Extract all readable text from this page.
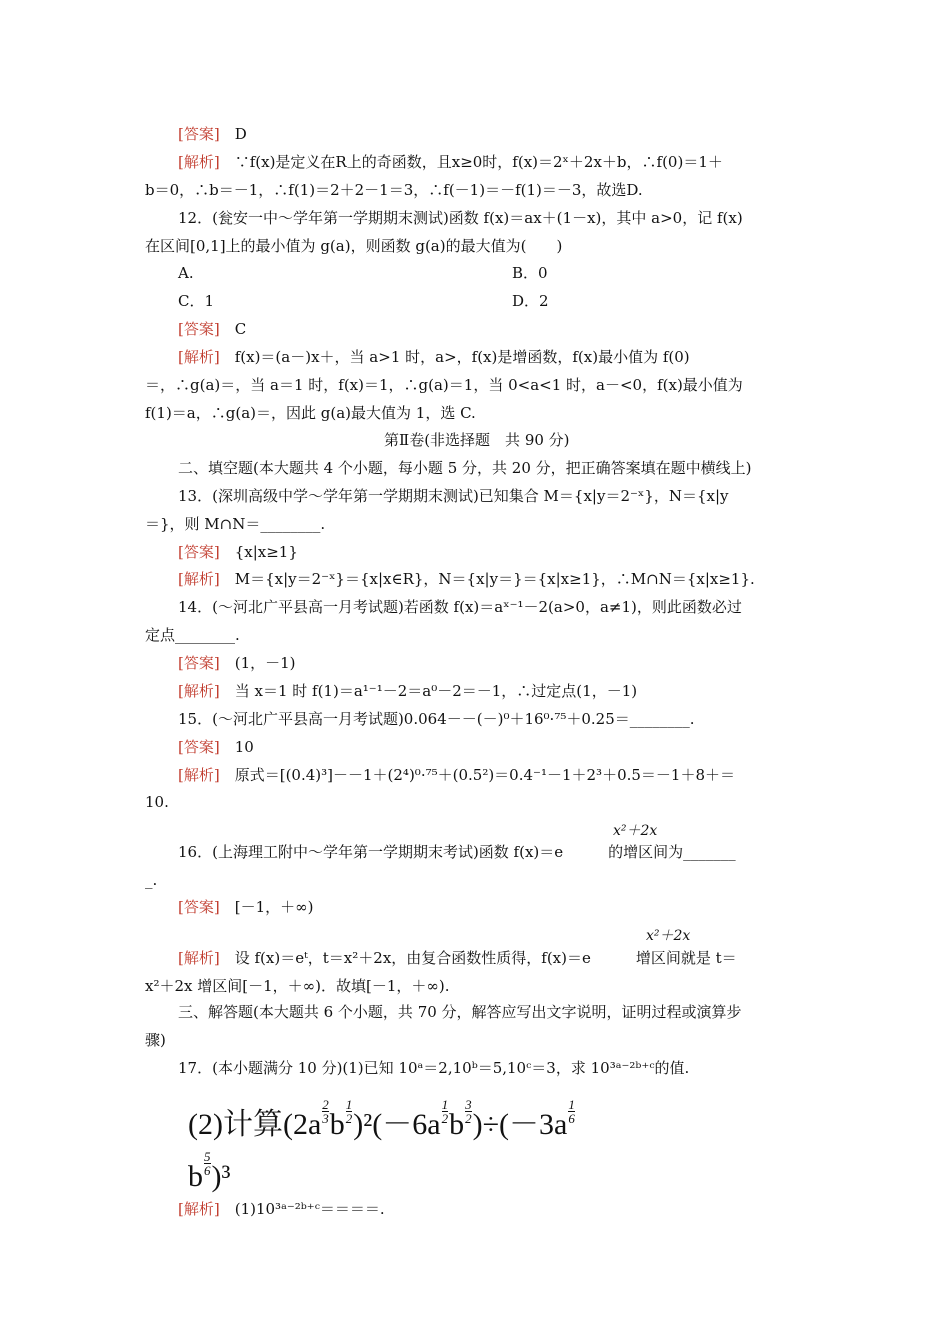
[答案]　D
[解析]　∵f(x)是定义在R上的奇函数，且x≥0时，f(x)＝2ˣ＋2x＋b，∴f(0)＝1＋
b＝0，∴b＝－1，∴f(1)＝2＋2－1＝3，∴f(－1)＝－f(1)＝－3，故选D.
12．(瓮安一中～学年第一学期期末测试)函数 f(x)＝ax＋(1－x)，其中 a>0，记 f(x)
在区间[0,1]上的最小值为 g(a)，则函数 g(a)的最大值为(　　)
A.	B．0
C．1	D．2
[答案]　C
[解析]　f(x)＝(a－)x＋，当 a>1 时，a>，f(x)是增函数，f(x)最小值为 f(0)
＝，∴g(a)＝，当 a＝1 时，f(x)＝1，∴g(a)＝1，当 0<a<1 时，a－<0，f(x)最小值为
f(1)＝a，∴g(a)＝，因此 g(a)最大值为 1，选 C.
第Ⅱ卷(非选择题　共 90 分)
二、填空题(本大题共 4 个小题，每小题 5 分，共 20 分，把正确答案填在题中横线上)
13．(深圳高级中学～学年第一学期期末测试)已知集合 M＝{x|y＝2⁻ˣ}，N＝{x|y
＝}，则 M∩N＝________.
[答案]　{x|x≥1}
[解析]　M＝{x|y＝2⁻ˣ}＝{x|x∈R}，N＝{x|y＝}＝{x|x≥1}，∴M∩N＝{x|x≥1}.
14．(～河北广平县高一月考试题)若函数 f(x)＝aˣ⁻¹－2(a>0，a≠1)，则此函数必过
定点________.
[答案]　(1，－1)
[解析]　当 x＝1 时 f(1)＝a¹⁻¹－2＝a⁰－2＝－1，∴过定点(1，－1)
15．(～河北广平县高一月考试题)0.064－－(－)⁰＋16⁰·⁷⁵＋0.25＝________.
[答案]　10
[解析]　原式＝[(0.4)³]－－1＋(2⁴)⁰·⁷⁵＋(0.5²)＝0.4⁻¹－1＋2³＋0.5＝－1＋8＋＝
10.
x²＋2x
16．(上海理工附中～学年第一学期期末考试)函数 f(x)＝e　　　的增区间为_______
_.
[答案]　[－1，＋∞)
x²＋2x
[解析]　设 f(x)＝eᵗ，t＝x²＋2x，由复合函数性质得，f(x)＝e　　　增区间就是 t＝
x²＋2x 增区间[－1，＋∞)．故填[－1，＋∞).
三、解答题(本大题共 6 个小题，共 70 分，解答应写出文字说明，证明过程或演算步
骤)
17．(本小题满分 10 分)(1)已知 10ᵃ＝2,10ᵇ＝5,10ᶜ＝3，求 10³ᵃ⁻²ᵇ⁺ᶜ的值.
(2)计算$(2a\frac{2}{3} b\frac{1}{2} )^2(-6a\frac{1}{2} b\frac{3}{2} )\div(-3a\frac{1}{6}$
$b\frac{5}{6} )^3$
[解析]　(1)10³ᵃ⁻²ᵇ⁺ᶜ＝＝＝＝.
